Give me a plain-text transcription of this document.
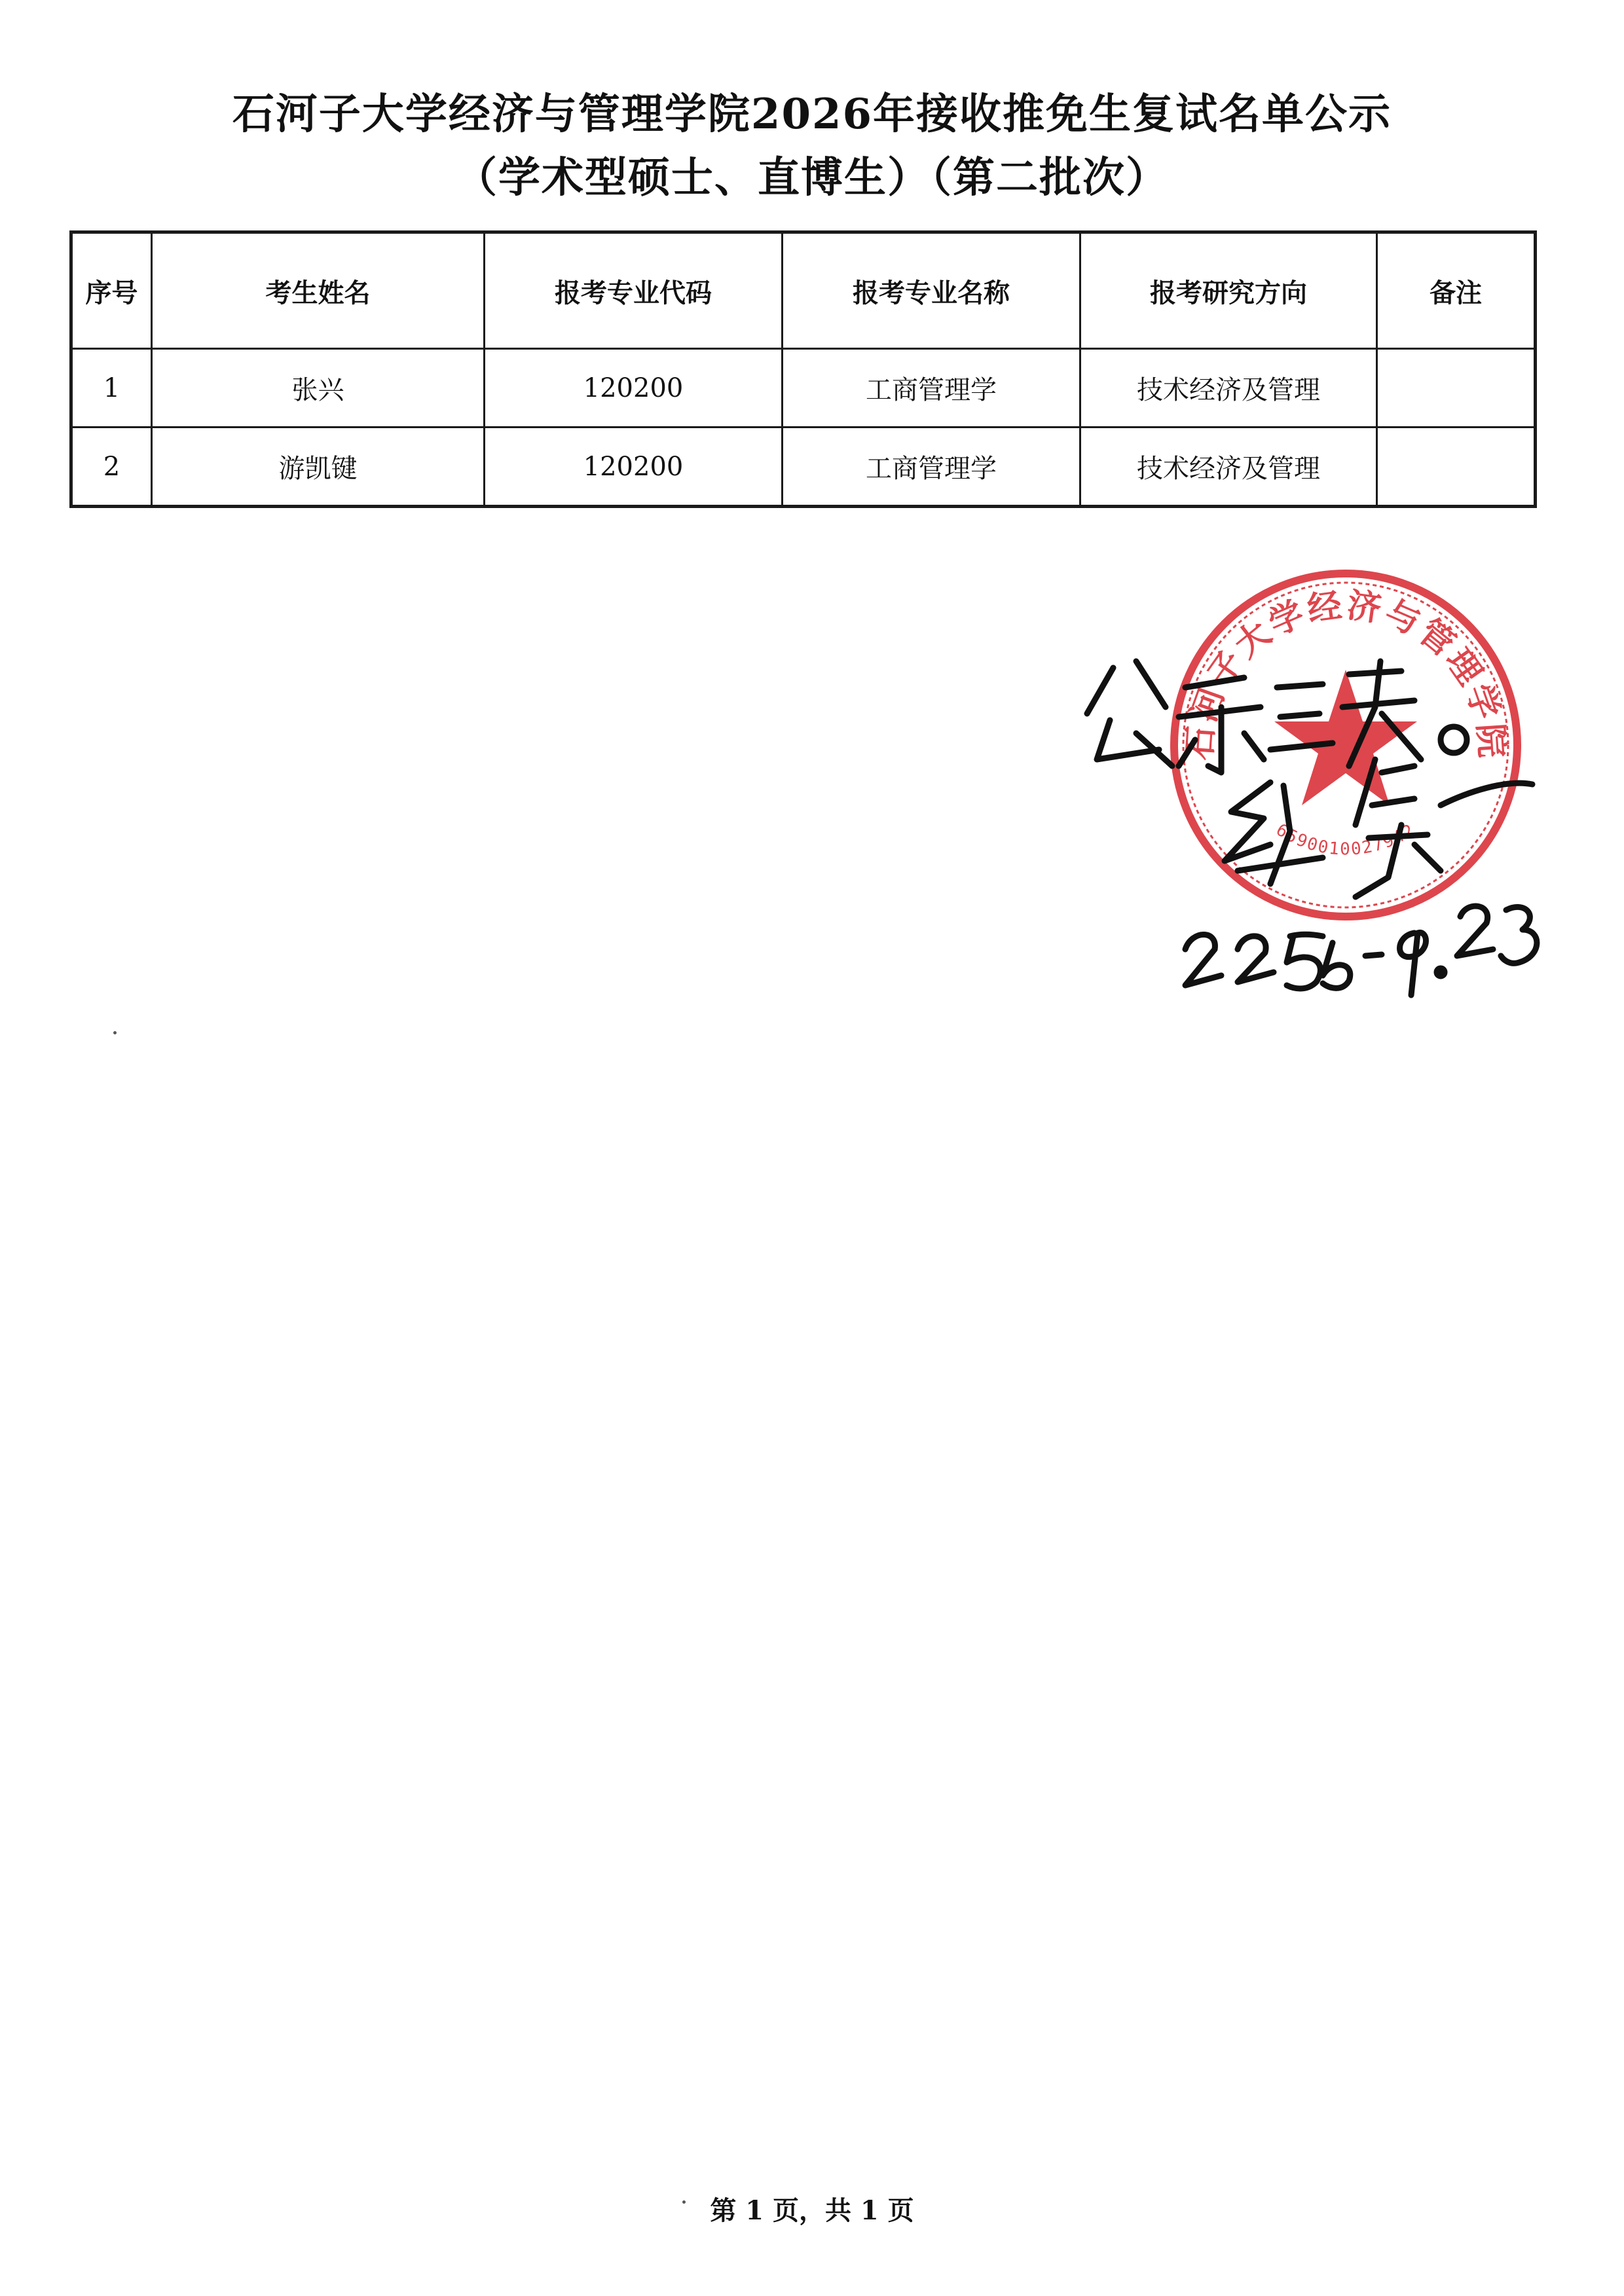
石河子大学经济与管理学院2026年接收推免生复试名单公示
（学术型硕士、直博生）（第二批次）
序号	考生姓名	报考专业代码	报考专业名称	报考研究方向	备注
1	张兴	120200	工商管理学	技术经济及管理	
2	游凯键	120200	工商管理学	技术经济及管理	
石河子大学经济与管理学院
6590010027942
第 1 页，共 1 页
